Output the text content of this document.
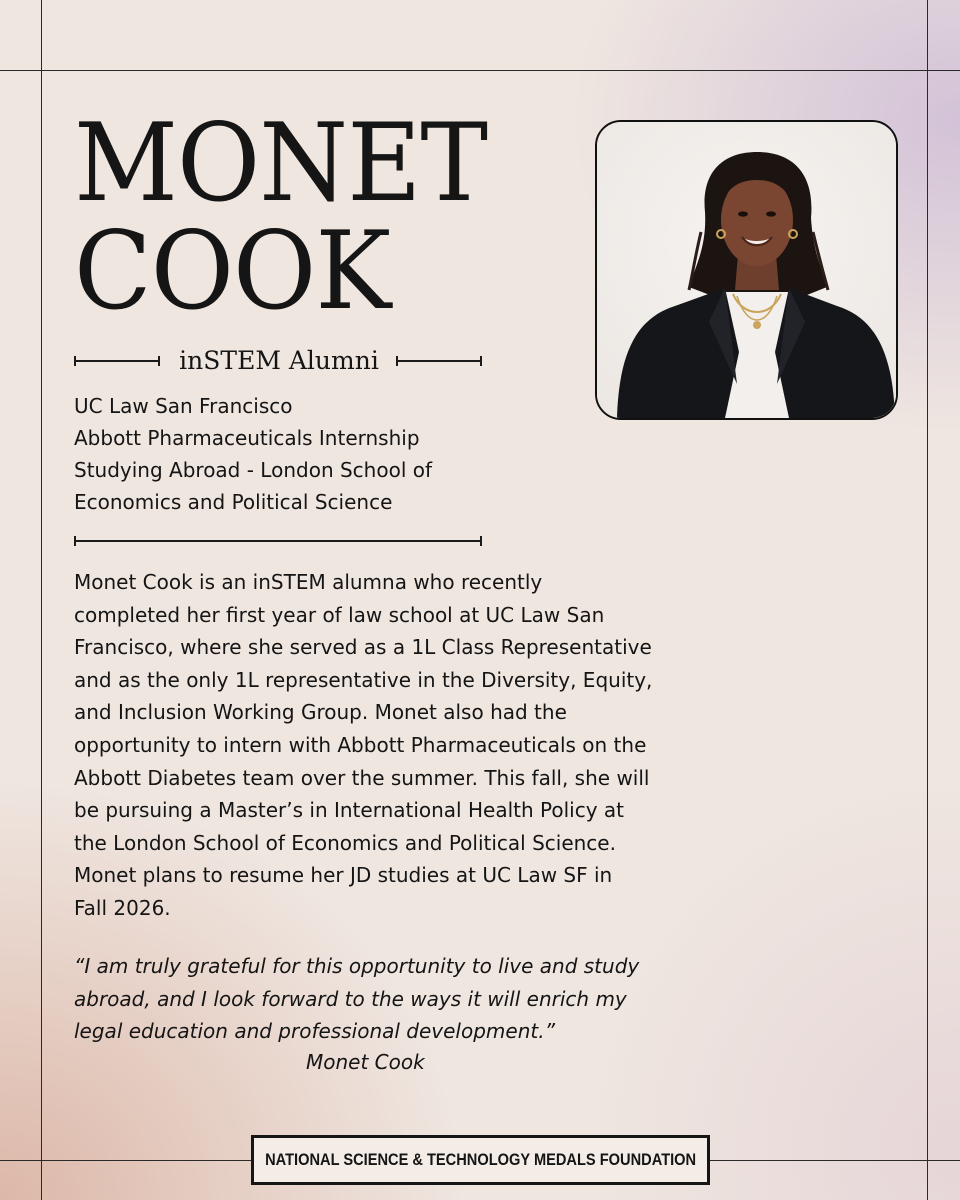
MONET
COOK
inSTEM Alumni
UC Law San Francisco
Abbott Pharmaceuticals Internship
Studying Abroad - London School of
Economics and Political Science
Monet Cook is an inSTEM alumna who recently
completed her first year of law school at UC Law San
Francisco, where she served as a 1L Class Representative
and as the only 1L representative in the Diversity, Equity,
and Inclusion Working Group. Monet also had the
opportunity to intern with Abbott Pharmaceuticals on the
Abbott Diabetes team over the summer. This fall, she will
be pursuing a Master’s in International Health Policy at
the London School of Economics and Political Science.
Monet plans to resume her JD studies at UC Law SF in
Fall 2026.
“I am truly grateful for this opportunity to live and study
abroad, and I look forward to the ways it will enrich my
legal education and professional development.”
Monet Cook
NATIONAL SCIENCE & TECHNOLOGY MEDALS FOUNDATION
